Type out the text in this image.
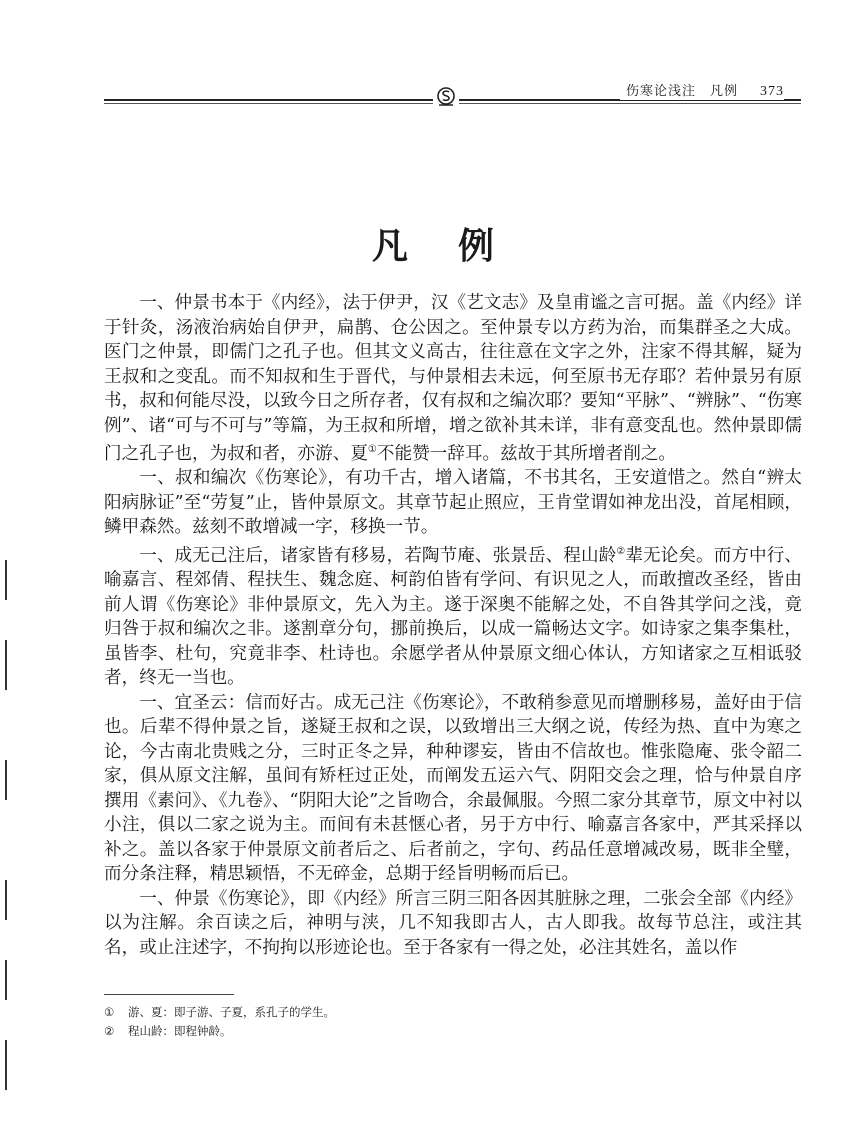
伤寒论浅注 凡例 373
凡例

一、仲景书本于《内经》，法于伊尹，汉《艺文志》及皇甫谧之言可据。盖《内经》详于针灸，汤液治病始自伊尹，扁鹊、仓公因之。至仲景专以方药为治，而集群圣之大成。医门之仲景，即儒门之孔子也。但其文义高古，往往意在文字之外，注家不得其解，疑为王叔和之变乱。而不知叔和生于晋代，与仲景相去未远，何至原书无存耶？若仲景另有原书，叔和何能尽没，以致今日之所存者，仅有叔和之编次耶？要知“平脉”、“辨脉”、“伤寒例”、诸“可与不可与”等篇，为王叔和所增，增之欲补其未详，非有意变乱也。然仲景即儒门之孔子也，为叔和者，亦游、夏①不能赞一辞耳。兹故于其所增者削之。

一、叔和编次《伤寒论》，有功千古，增入诸篇，不书其名，王安道惜之。然自“辨太阳病脉证”至“劳复”止，皆仲景原文。其章节起止照应，王肯堂谓如神龙出没，首尾相顾，鳞甲森然。兹刻不敢增减一字，移换一节。

一、成无己注后，诸家皆有移易，若陶节庵、张景岳、程山龄②辈无论矣。而方中行、喻嘉言、程郊倩、程扶生、魏念庭、柯韵伯皆有学问、有识见之人，而敢擅改圣经，皆由前人谓《伤寒论》非仲景原文，先入为主。遂于深奥不能解之处，不自咎其学问之浅，竟归咎于叔和编次之非。遂割章分句，挪前换后，以成一篇畅达文字。如诗家之集李集杜，虽皆李、杜句，究竟非李、杜诗也。余愿学者从仲景原文细心体认，方知诸家之互相诋驳者，终无一当也。

一、宜圣云：信而好古。成无己注《伤寒论》，不敢稍参意见而增删移易，盖好由于信也。后辈不得仲景之旨，遂疑王叔和之误，以致增出三大纲之说，传经为热、直中为寒之论，今古南北贵贱之分，三时正冬之异，种种谬妄，皆由不信故也。惟张隐庵、张令韶二家，俱从原文注解，虽间有矫枉过正处，而阐发五运六气、阴阳交会之理，恰与仲景自序撰用《素问》、《九卷》、“阴阳大论”之旨吻合，余最佩服。今照二家分其章节，原文中衬以小注，俱以二家之说为主。而间有未甚惬心者，另于方中行、喻嘉言各家中，严其采择以补之。盖以各家于仲景原文前者后之、后者前之，字句、药品任意增减改易，既非全璧，而分条注释，精思颖悟，不无碎金，总期于经旨明畅而后已。

一、仲景《伤寒论》，即《内经》所言三阴三阳各因其脏脉之理，二张会全部《内经》以为注解。余百读之后，神明与浃，几不知我即古人，古人即我。故每节总注，或注其名，或止注述字，不拘拘以形迹论也。至于各家有一得之处，必注其姓名，盖以作

① 游、夏：即子游、子夏，系孔子的学生。
② 程山龄：即程钟龄。
